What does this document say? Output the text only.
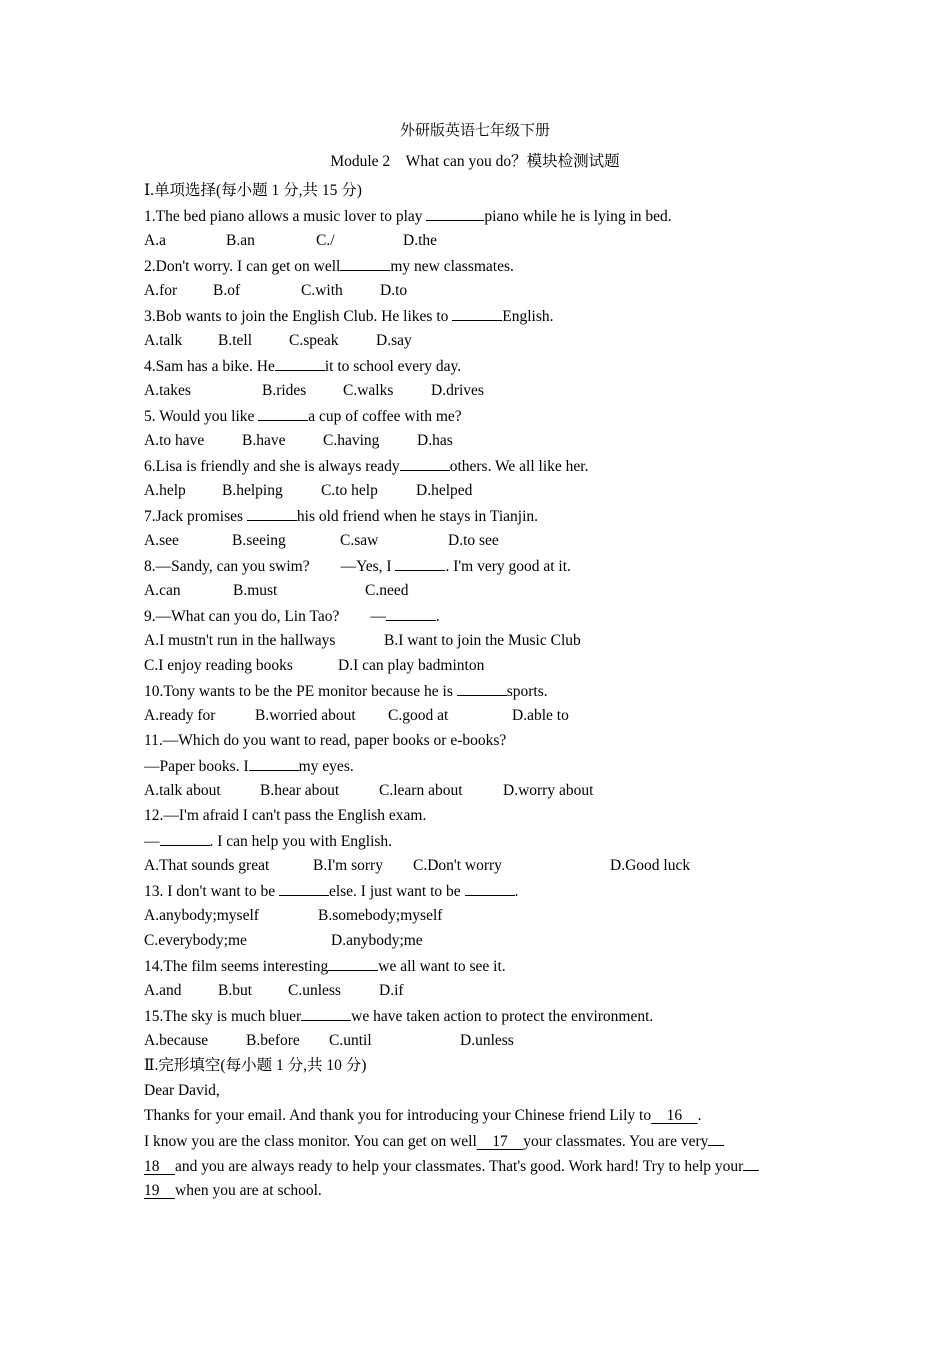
外研版英语七年级下册
Module 2　What can you do？模块检测试题
Ⅰ.单项选择(每小题 1 分,共 15 分)
1.The bed piano allows a music lover to play	piano while he is lying in bed.
A.a	B.an	C./	D.the
2.Don't worry. I can get on well	my new classmates.
A.for B.of	C.with D.to
3.Bob wants to join the English Club. He likes to	English.
A.talk B.tell C.speak D.say
4.Sam has a bike. He	it to school every day.
A.takes	B.rides C.walks D.drives
5. Would you like	a cup of coffee with me?
A.to have B.have C.having D.has
6.Lisa is friendly and she is always ready	others. We all like her.
A.help B.helping C.to help D.helped
7.Jack promises	his old friend when he stays in Tianjin.
A.see	B.seeing	C.saw	D.to see
8.—Sandy, can you swim?　　—Yes, I	. I'm very good at it.
A.can	B.must	C.need
9.—What can you do, Lin Tao?　　—	.
A.I mustn't run in the hallways	B.I want to join the Music Club
C.I enjoy reading books	D.I can play badminton
10.Tony wants to be the PE monitor because he is	sports.
A.ready for	B.worried about C.good at	D.able to
11.—Which do you want to read, paper books or e-books?
—Paper books. I	my eyes.
A.talk about	B.hear about	C.learn about	D.worry about
12.—I'm afraid I can't pass the English exam.
—	. I can help you with English.
A.That sounds great	B.I'm sorry C.Don't worry	D.Good luck
13. I don't want to be	else. I just want to be	.
A.anybody;myself	B.somebody;myself
C.everybody;me	D.anybody;me
14.The film seems interesting	we all want to see it.
A.and B.but C.unless D.if
15.The sky is much bluer	we have taken action to protect the environment.
A.because B.before C.until	D.unless
Ⅱ.完形填空(每小题 1 分,共 10 分)
Dear David,
Thanks for your email. And thank you for introducing your Chinese friend Lily to　16　.
I know you are the class monitor. You can get on well　17　your classmates. You are very
18　and you are always ready to help your classmates. That's good. Work hard! Try to help your
19　when you are at school.
